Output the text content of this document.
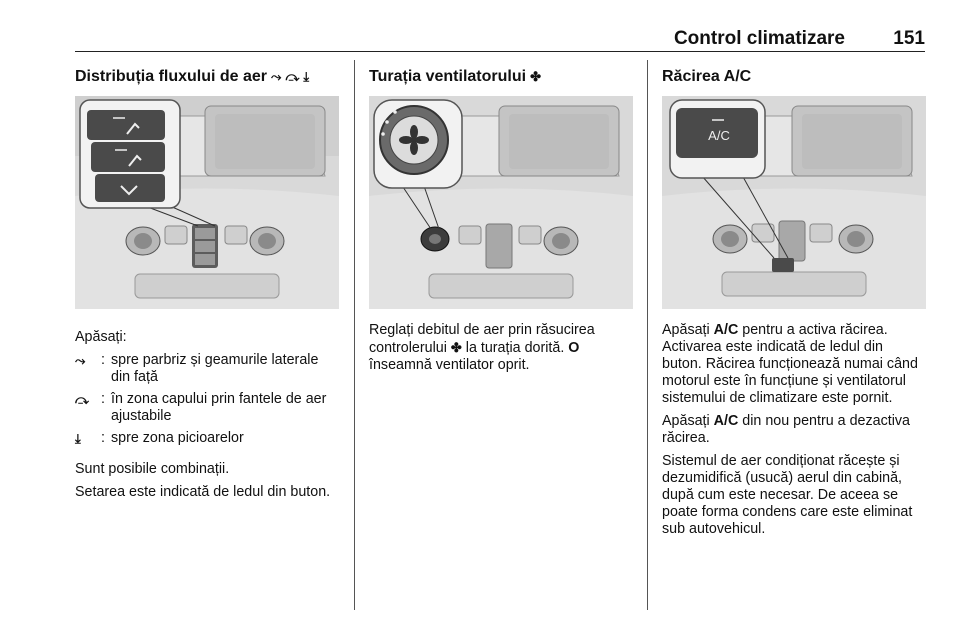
Control climatizare	151
Distribuția fluxului de aer ⤳ ⤼ ⤓
Apăsați:
⤳	: spre parbriz și geamurile laterale din față
⤼ : în zona capului prin fantele de aer ajustabile
⤓	: spre zona picioarelor
Sunt posibile combinații.
Setarea este indicată de ledul din buton.
Turația ventilatorului ✤
Reglați debitul de aer prin răsucirea controlerului ✤ la turația dorită. O înseamnă ventilator oprit.
Răcirea A/C
A/C
Apăsați A/C pentru a activa răcirea. Activarea este indicată de ledul din buton. Răcirea funcționează numai când motorul este în funcțiune și ventilatorul sistemului de climatizare este pornit.
Apăsați A/C din nou pentru a dezactiva răcirea.
Sistemul de aer condiționat răcește și dezumidifică (usucă) aerul din cabină, după cum este necesar. De aceea se poate forma condens care este eliminat sub autovehicul.
